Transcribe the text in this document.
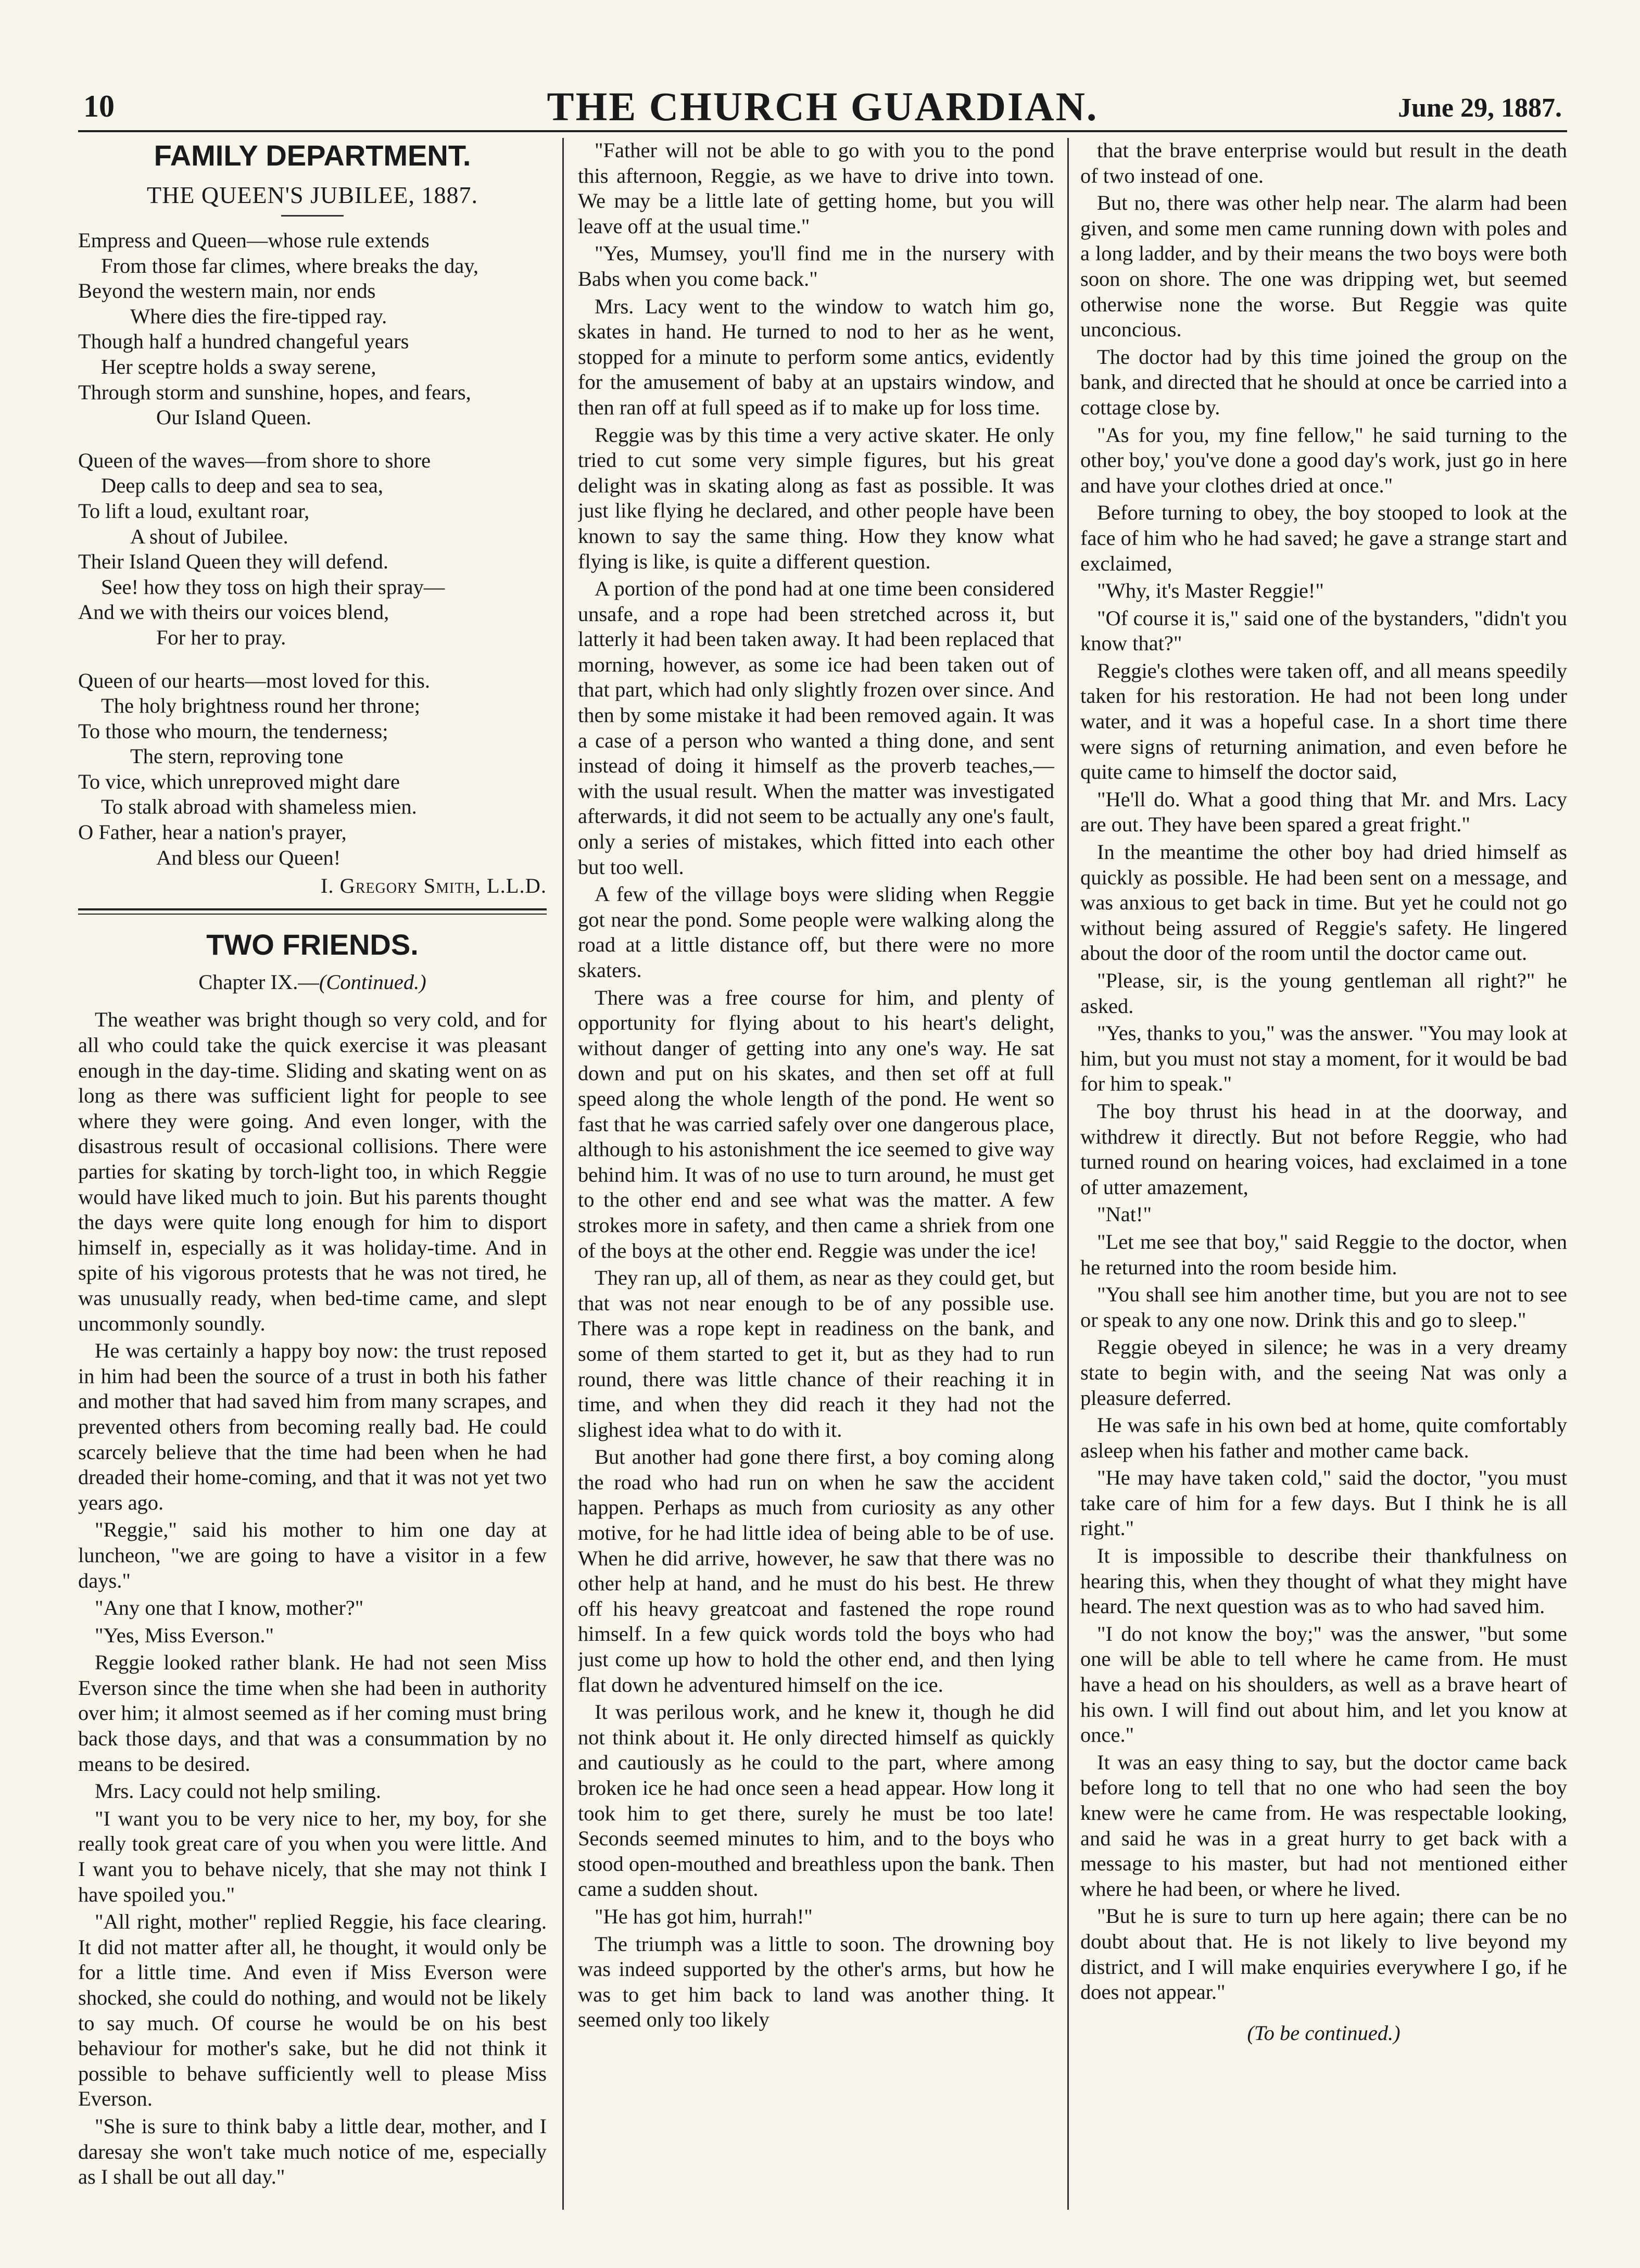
10	THE CHURCH GUARDIAN.	June 29, 1887.
FAMILY DEPARTMENT.
THE QUEEN'S JUBILEE, 1887.

Empress and Queen—whose rule extends

From those far climes, where breaks the day,

Beyond the western main, nor ends

Where dies the fire-tipped ray.

Though half a hundred changeful years

Her sceptre holds a sway serene,

Through storm and sunshine, hopes, and fears,

Our Island Queen.

Queen of the waves—from shore to shore

Deep calls to deep and sea to sea,

To lift a loud, exultant roar,

A shout of Jubilee.

Their Island Queen they will defend.

See! how they toss on high their spray—

And we with theirs our voices blend,

For her to pray.

Queen of our hearts—most loved for this.

The holy brightness round her throne;

To those who mourn, the tenderness;

The stern, reproving tone

To vice, which unreproved might dare

To stalk abroad with shameless mien.

O Father, hear a nation's prayer,

And bless our Queen!

I. Gregory Smith, L.L.D.
TWO FRIENDS.
Chapter IX.—(Continued.)

The weather was bright though so very cold, and for all who could take the quick exercise it was pleasant enough in the day-time. Sliding and skating went on as long as there was sufficient light for people to see where they were going. And even longer, with the disastrous result of occasional collisions. There were parties for skating by torch-light too, in which Reggie would have liked much to join. But his parents thought the days were quite long enough for him to disport himself in, especially as it was holiday-time. And in spite of his vigorous protests that he was not tired, he was unusually ready, when bed-time came, and slept uncommonly soundly.

He was certainly a happy boy now: the trust reposed in him had been the source of a trust in both his father and mother that had saved him from many scrapes, and prevented others from becoming really bad. He could scarcely believe that the time had been when he had dreaded their home-coming, and that it was not yet two years ago.

"Reggie," said his mother to him one day at luncheon, "we are going to have a visitor in a few days."

"Any one that I know, mother?"

"Yes, Miss Everson."

Reggie looked rather blank. He had not seen Miss Everson since the time when she had been in authority over him; it almost seemed as if her coming must bring back those days, and that was a consummation by no means to be desired.

Mrs. Lacy could not help smiling.

"I want you to be very nice to her, my boy, for she really took great care of you when you were little. And I want you to behave nicely, that she may not think I have spoiled you."

"All right, mother" replied Reggie, his face clearing. It did not matter after all, he thought, it would only be for a little time. And even if Miss Everson were shocked, she could do nothing, and would not be likely to say much. Of course he would be on his best behaviour for mother's sake, but he did not think it possible to behave sufficiently well to please Miss Everson.

"She is sure to think baby a little dear, mother, and I daresay she won't take much notice of me, especially as I shall be out all day."

"Father will not be able to go with you to the pond this afternoon, Reggie, as we have to drive into town. We may be a little late of getting home, but you will leave off at the usual time."

"Yes, Mumsey, you'll find me in the nursery with Babs when you come back."

Mrs. Lacy went to the window to watch him go, skates in hand. He turned to nod to her as he went, stopped for a minute to perform some antics, evidently for the amusement of baby at an upstairs window, and then ran off at full speed as if to make up for loss time.

Reggie was by this time a very active skater. He only tried to cut some very simple figures, but his great delight was in skating along as fast as possible. It was just like flying he declared, and other people have been known to say the same thing. How they know what flying is like, is quite a different question.

A portion of the pond had at one time been considered unsafe, and a rope had been stretched across it, but latterly it had been taken away. It had been replaced that morning, however, as some ice had been taken out of that part, which had only slightly frozen over since. And then by some mistake it had been removed again. It was a case of a person who wanted a thing done, and sent instead of doing it himself as the proverb teaches,—with the usual result. When the matter was investigated afterwards, it did not seem to be actually any one's fault, only a series of mistakes, which fitted into each other but too well.

A few of the village boys were sliding when Reggie got near the pond. Some people were walking along the road at a little distance off, but there were no more skaters.

There was a free course for him, and plenty of opportunity for flying about to his heart's delight, without danger of getting into any one's way. He sat down and put on his skates, and then set off at full speed along the whole length of the pond. He went so fast that he was carried safely over one dangerous place, although to his astonishment the ice seemed to give way behind him. It was of no use to turn around, he must get to the other end and see what was the matter. A few strokes more in safety, and then came a shriek from one of the boys at the other end. Reggie was under the ice!

They ran up, all of them, as near as they could get, but that was not near enough to be of any possible use. There was a rope kept in readiness on the bank, and some of them started to get it, but as they had to run round, there was little chance of their reaching it in time, and when they did reach it they had not the slighest idea what to do with it.

But another had gone there first, a boy coming along the road who had run on when he saw the accident happen. Perhaps as much from curiosity as any other motive, for he had little idea of being able to be of use. When he did arrive, however, he saw that there was no other help at hand, and he must do his best. He threw off his heavy greatcoat and fastened the rope round himself. In a few quick words told the boys who had just come up how to hold the other end, and then lying flat down he adventured himself on the ice.

It was perilous work, and he knew it, though he did not think about it. He only directed himself as quickly and cautiously as he could to the part, where among broken ice he had once seen a head appear. How long it took him to get there, surely he must be too late! Seconds seemed minutes to him, and to the boys who stood open-mouthed and breathless upon the bank. Then came a sudden shout.

"He has got him, hurrah!"

The triumph was a little to soon. The drowning boy was indeed supported by the other's arms, but how he was to get him back to land was another thing. It seemed only too likely

that the brave enterprise would but result in the death of two instead of one.

But no, there was other help near. The alarm had been given, and some men came running down with poles and a long ladder, and by their means the two boys were both soon on shore. The one was dripping wet, but seemed otherwise none the worse. But Reggie was quite unconcious.

The doctor had by this time joined the group on the bank, and directed that he should at once be carried into a cottage close by.

"As for you, my fine fellow," he said turning to the other boy,' you've done a good day's work, just go in here and have your clothes dried at once."

Before turning to obey, the boy stooped to look at the face of him who he had saved; he gave a strange start and exclaimed,

"Why, it's Master Reggie!"

"Of course it is," said one of the bystanders, "didn't you know that?"

Reggie's clothes were taken off, and all means speedily taken for his restoration. He had not been long under water, and it was a hopeful case. In a short time there were signs of returning animation, and even before he quite came to himself the doctor said,

"He'll do. What a good thing that Mr. and Mrs. Lacy are out. They have been spared a great fright."

In the meantime the other boy had dried himself as quickly as possible. He had been sent on a message, and was anxious to get back in time. But yet he could not go without being assured of Reggie's safety. He lingered about the door of the room until the doctor came out.

"Please, sir, is the young gentleman all right?" he asked.

"Yes, thanks to you," was the answer. "You may look at him, but you must not stay a moment, for it would be bad for him to speak."

The boy thrust his head in at the doorway, and withdrew it directly. But not before Reggie, who had turned round on hearing voices, had exclaimed in a tone of utter amazement,

"Nat!"

"Let me see that boy," said Reggie to the doctor, when he returned into the room beside him.

"You shall see him another time, but you are not to see or speak to any one now. Drink this and go to sleep."

Reggie obeyed in silence; he was in a very dreamy state to begin with, and the seeing Nat was only a pleasure deferred.

He was safe in his own bed at home, quite comfortably asleep when his father and mother came back.

"He may have taken cold," said the doctor, "you must take care of him for a few days. But I think he is all right."

It is impossible to describe their thankfulness on hearing this, when they thought of what they might have heard. The next question was as to who had saved him.

"I do not know the boy;" was the answer, "but some one will be able to tell where he came from. He must have a head on his shoulders, as well as a brave heart of his own. I will find out about him, and let you know at once."

It was an easy thing to say, but the doctor came back before long to tell that no one who had seen the boy knew were he came from. He was respectable looking, and said he was in a great hurry to get back with a message to his master, but had not mentioned either where he had been, or where he lived.

"But he is sure to turn up here again; there can be no doubt about that. He is not likely to live beyond my district, and I will make enquiries everywhere I go, if he does not appear."

(To be continued.)
